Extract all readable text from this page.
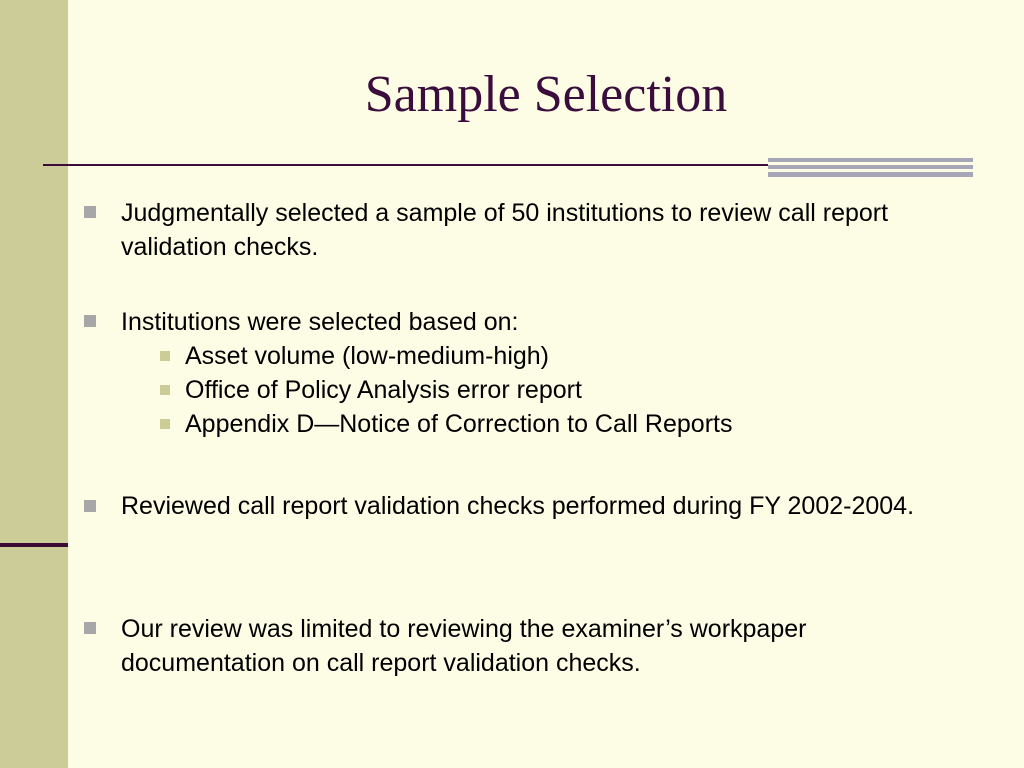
Sample Selection
Judgmentally selected a sample of 50 institutions to review call report validation checks.
Institutions were selected based on:
Asset volume (low-medium-high)
Office of Policy Analysis error report
Appendix D—Notice of Correction to Call Reports
Reviewed call report validation checks performed during FY 2002-2004.
Our review was limited to reviewing the examiner’s workpaper documentation on call report validation checks.
